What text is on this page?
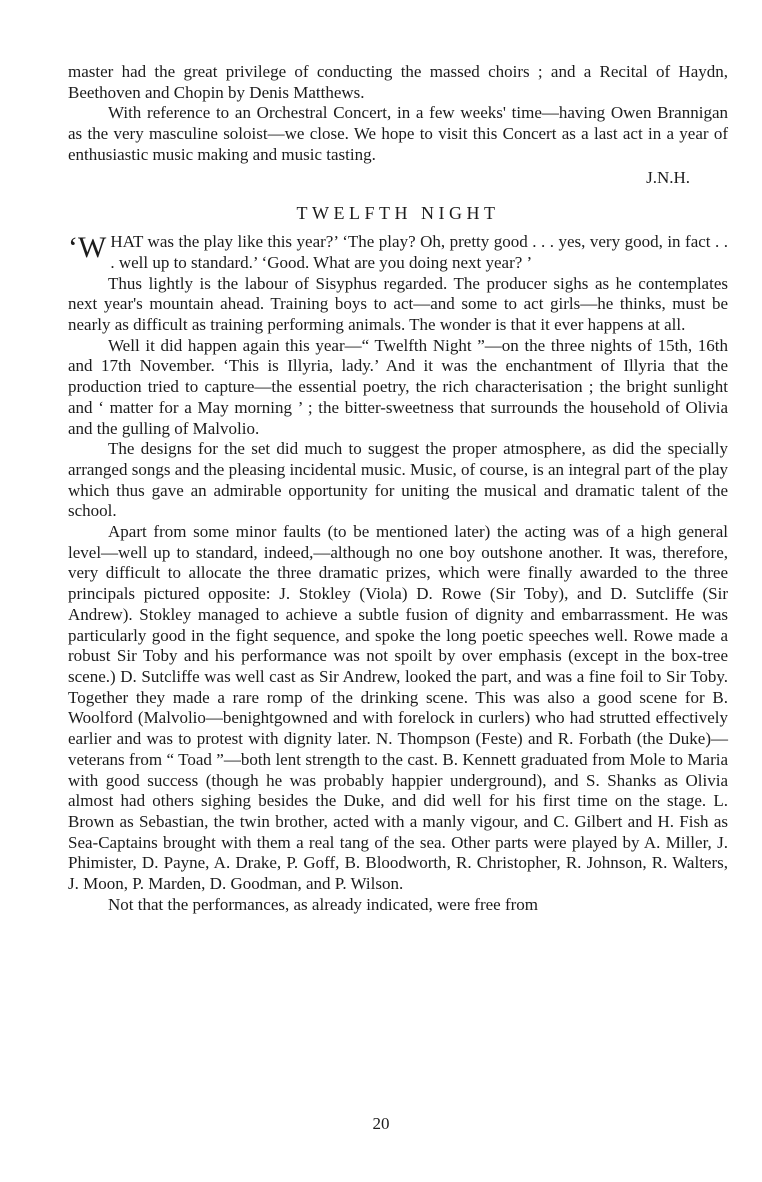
master had the great privilege of conducting the massed choirs ; and a Recital of Haydn, Beethoven and Chopin by Denis Matthews.

With reference to an Orchestral Concert, in a few weeks' time—having Owen Brannigan as the very masculine soloist—we close. We hope to visit this Concert as a last act in a year of enthusiastic music making and music tasting.

J.N.H.
TWELFTH NIGHT

‘WHAT was the play like this year?’ ‘The play? Oh, pretty good . . . yes, very good, in fact . . . well up to standard.’ ‘Good. What are you doing next year? ’

Thus lightly is the labour of Sisyphus regarded. The producer sighs as he contemplates next year's mountain ahead. Training boys to act—and some to act girls—he thinks, must be nearly as difficult as training performing animals. The wonder is that it ever happens at all.

Well it did happen again this year—“ Twelfth Night ”—on the three nights of 15th, 16th and 17th November. ‘This is Illyria, lady.’ And it was the enchantment of Illyria that the production tried to capture—the essential poetry, the rich characterisation ; the bright sunlight and ‘ matter for a May morning ’ ; the bitter-sweetness that surrounds the household of Olivia and the gulling of Malvolio.

The designs for the set did much to suggest the proper atmosphere, as did the specially arranged songs and the pleasing incidental music. Music, of course, is an integral part of the play which thus gave an admirable opportunity for uniting the musical and dramatic talent of the school.

Apart from some minor faults (to be mentioned later) the acting was of a high general level—well up to standard, indeed,—although no one boy outshone another. It was, therefore, very difficult to allocate the three dramatic prizes, which were finally awarded to the three principals pictured opposite: J. Stokley (Viola) D. Rowe (Sir Toby), and D. Sutcliffe (Sir Andrew). Stokley managed to achieve a subtle fusion of dignity and embarrassment. He was particularly good in the fight sequence, and spoke the long poetic speeches well. Rowe made a robust Sir Toby and his performance was not spoilt by over emphasis (except in the box-tree scene.) D. Sutcliffe was well cast as Sir Andrew, looked the part, and was a fine foil to Sir Toby. Together they made a rare romp of the drinking scene. This was also a good scene for B. Woolford (Malvolio—benightgowned and with forelock in curlers) who had strutted effectively earlier and was to protest with dignity later. N. Thompson (Feste) and R. Forbath (the Duke)—veterans from “ Toad ”—both lent strength to the cast. B. Kennett graduated from Mole to Maria with good success (though he was probably happier underground), and S. Shanks as Olivia almost had others sighing besides the Duke, and did well for his first time on the stage. L. Brown as Sebastian, the twin brother, acted with a manly vigour, and C. Gilbert and H. Fish as Sea-Captains brought with them a real tang of the sea. Other parts were played by A. Miller, J. Phimister, D. Payne, A. Drake, P. Goff, B. Bloodworth, R. Christopher, R. Johnson, R. Walters, J. Moon, P. Marden, D. Goodman, and P. Wilson.

Not that the performances, as already indicated, were free from

20
